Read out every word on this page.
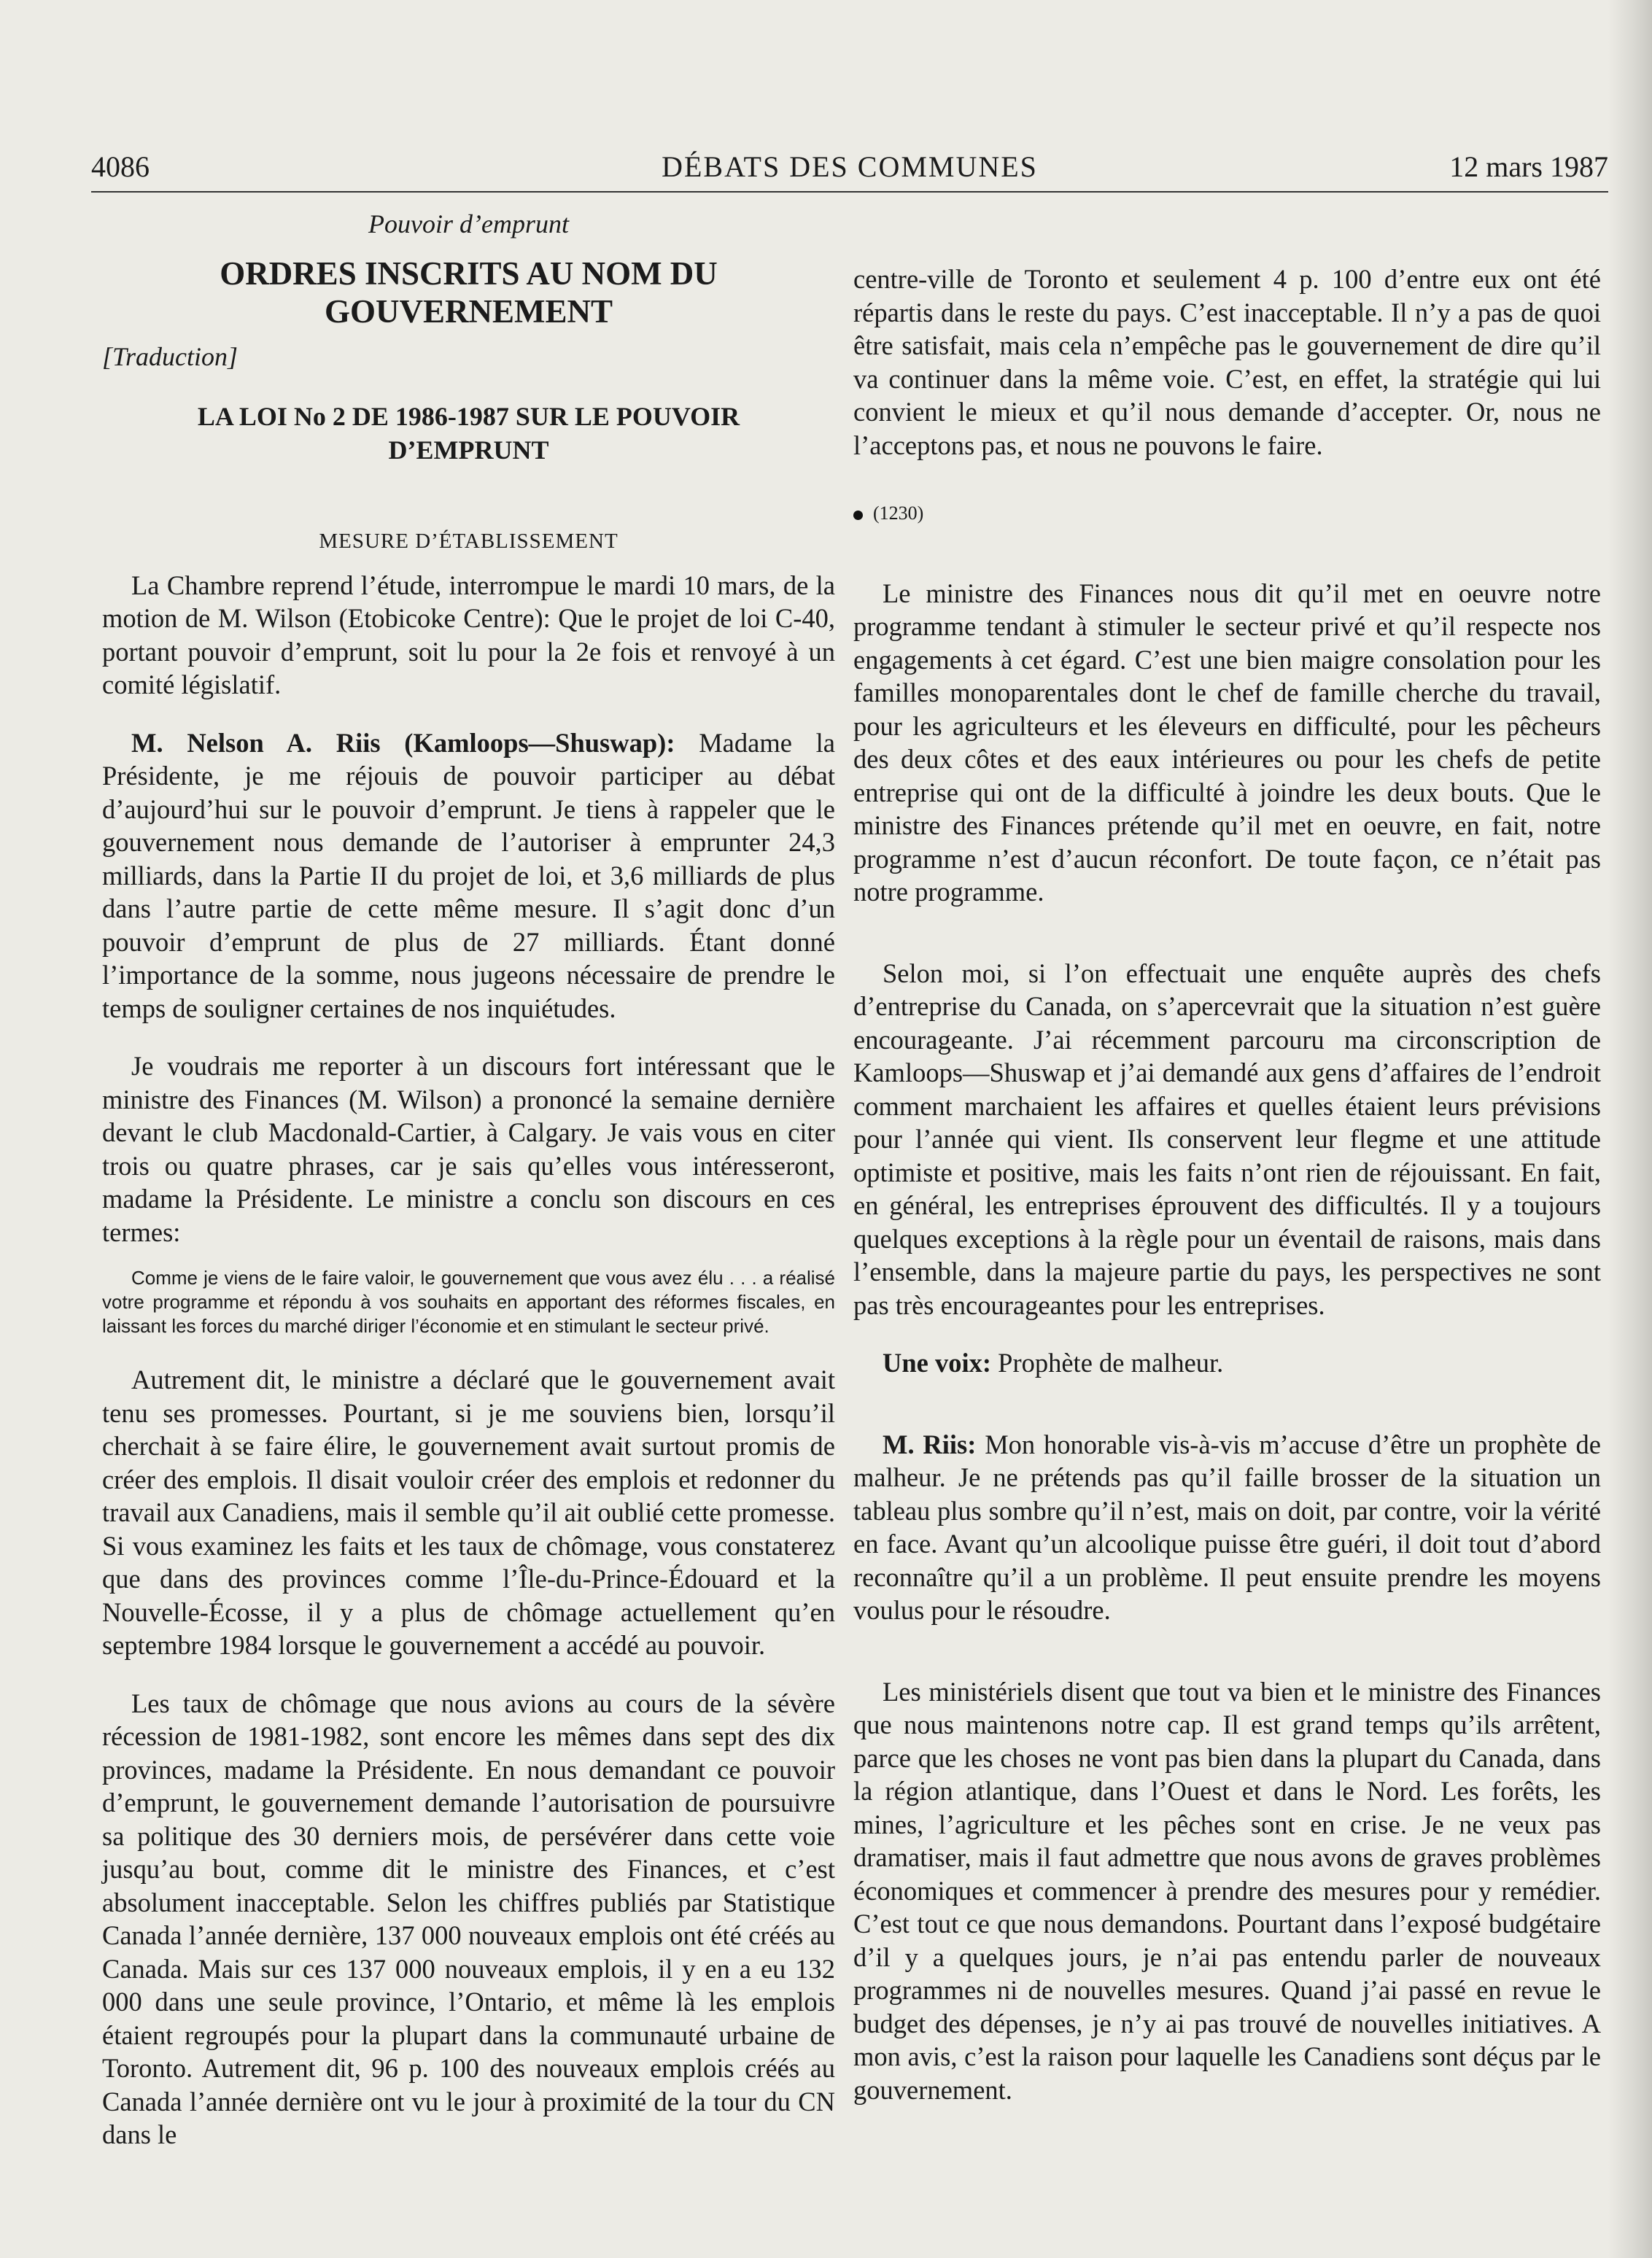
4086	DÉBATS DES COMMUNES	12 mars 1987
Pouvoir d’emprunt
ORDRES INSCRITS AU NOM DU GOUVERNEMENT
[Traduction]
LA LOI No 2 DE 1986-1987 SUR LE POUVOIR D’EMPRUNT
MESURE D’ÉTABLISSEMENT

La Chambre reprend l’étude, interrompue le mardi 10 mars, de la motion de M. Wilson (Etobicoke Centre): Que le projet de loi C-40, portant pouvoir d’emprunt, soit lu pour la 2e fois et renvoyé à un comité législatif.

M. Nelson A. Riis (Kamloops—Shuswap): Madame la Présidente, je me réjouis de pouvoir participer au débat d’aujourd’hui sur le pouvoir d’emprunt. Je tiens à rappeler que le gouvernement nous demande de l’autoriser à emprunter 24,3 milliards, dans la Partie II du projet de loi, et 3,6 milliards de plus dans l’autre partie de cette même mesure. Il s’agit donc d’un pouvoir d’emprunt de plus de 27 milliards. Étant donné l’importance de la somme, nous jugeons nécessaire de prendre le temps de souligner certaines de nos inquiétudes.

Je voudrais me reporter à un discours fort intéressant que le ministre des Finances (M. Wilson) a prononcé la semaine dernière devant le club Macdonald-Cartier, à Calgary. Je vais vous en citer trois ou quatre phrases, car je sais qu’elles vous intéresseront, madame la Présidente. Le ministre a conclu son discours en ces termes:

Comme je viens de le faire valoir, le gouvernement que vous avez élu . . . a réalisé votre programme et répondu à vos souhaits en apportant des réformes fiscales, en laissant les forces du marché diriger l’économie et en stimulant le secteur privé.

Autrement dit, le ministre a déclaré que le gouvernement avait tenu ses promesses. Pourtant, si je me souviens bien, lorsqu’il cherchait à se faire élire, le gouvernement avait surtout promis de créer des emplois. Il disait vouloir créer des emplois et redonner du travail aux Canadiens, mais il semble qu’il ait oublié cette promesse. Si vous examinez les faits et les taux de chômage, vous constaterez que dans des provinces comme l’Île-du-Prince-Édouard et la Nouvelle-Écosse, il y a plus de chômage actuellement qu’en septembre 1984 lorsque le gouvernement a accédé au pouvoir.

Les taux de chômage que nous avions au cours de la sévère récession de 1981-1982, sont encore les mêmes dans sept des dix provinces, madame la Présidente. En nous demandant ce pouvoir d’emprunt, le gouvernement demande l’autorisation de poursuivre sa politique des 30 derniers mois, de persévérer dans cette voie jusqu’au bout, comme dit le ministre des Finances, et c’est absolument inacceptable. Selon les chiffres publiés par Statistique Canada l’année dernière, 137 000 nouveaux emplois ont été créés au Canada. Mais sur ces 137 000 nouveaux emplois, il y en a eu 132 000 dans une seule province, l’Ontario, et même là les emplois étaient regroupés pour la plupart dans la communauté urbaine de Toronto. Autrement dit, 96 p. 100 des nouveaux emplois créés au Canada l’année dernière ont vu le jour à proximité de la tour du CN dans le

centre-ville de Toronto et seulement 4 p. 100 d’entre eux ont été répartis dans le reste du pays. C’est inacceptable. Il n’y a pas de quoi être satisfait, mais cela n’empêche pas le gouvernement de dire qu’il va continuer dans la même voie. C’est, en effet, la stratégie qui lui convient le mieux et qu’il nous demande d’accepter. Or, nous ne l’acceptons pas, et nous ne pouvons le faire.

(1230)

Le ministre des Finances nous dit qu’il met en oeuvre notre programme tendant à stimuler le secteur privé et qu’il respecte nos engagements à cet égard. C’est une bien maigre consolation pour les familles monoparentales dont le chef de famille cherche du travail, pour les agriculteurs et les éleveurs en difficulté, pour les pêcheurs des deux côtes et des eaux intérieures ou pour les chefs de petite entreprise qui ont de la difficulté à joindre les deux bouts. Que le ministre des Finances prétende qu’il met en oeuvre, en fait, notre programme n’est d’aucun réconfort. De toute façon, ce n’était pas notre programme.

Selon moi, si l’on effectuait une enquête auprès des chefs d’entreprise du Canada, on s’apercevrait que la situation n’est guère encourageante. J’ai récemment parcouru ma circonscription de Kamloops—Shuswap et j’ai demandé aux gens d’affaires de l’endroit comment marchaient les affaires et quelles étaient leurs prévisions pour l’année qui vient. Ils conservent leur flegme et une attitude optimiste et positive, mais les faits n’ont rien de réjouissant. En fait, en général, les entreprises éprouvent des difficultés. Il y a toujours quelques exceptions à la règle pour un éventail de raisons, mais dans l’ensemble, dans la majeure partie du pays, les perspectives ne sont pas très encourageantes pour les entreprises.

Une voix: Prophète de malheur.

M. Riis: Mon honorable vis-à-vis m’accuse d’être un prophète de malheur. Je ne prétends pas qu’il faille brosser de la situation un tableau plus sombre qu’il n’est, mais on doit, par contre, voir la vérité en face. Avant qu’un alcoolique puisse être guéri, il doit tout d’abord reconnaître qu’il a un problème. Il peut ensuite prendre les moyens voulus pour le résoudre.

Les ministériels disent que tout va bien et le ministre des Finances que nous maintenons notre cap. Il est grand temps qu’ils arrêtent, parce que les choses ne vont pas bien dans la plupart du Canada, dans la région atlantique, dans l’Ouest et dans le Nord. Les forêts, les mines, l’agriculture et les pêches sont en crise. Je ne veux pas dramatiser, mais il faut admettre que nous avons de graves problèmes économiques et commencer à prendre des mesures pour y remédier. C’est tout ce que nous demandons. Pourtant dans l’exposé budgétaire d’il y a quelques jours, je n’ai pas entendu parler de nouveaux programmes ni de nouvelles mesures. Quand j’ai passé en revue le budget des dépenses, je n’y ai pas trouvé de nouvelles initiatives. A mon avis, c’est la raison pour laquelle les Canadiens sont déçus par le gouvernement.
